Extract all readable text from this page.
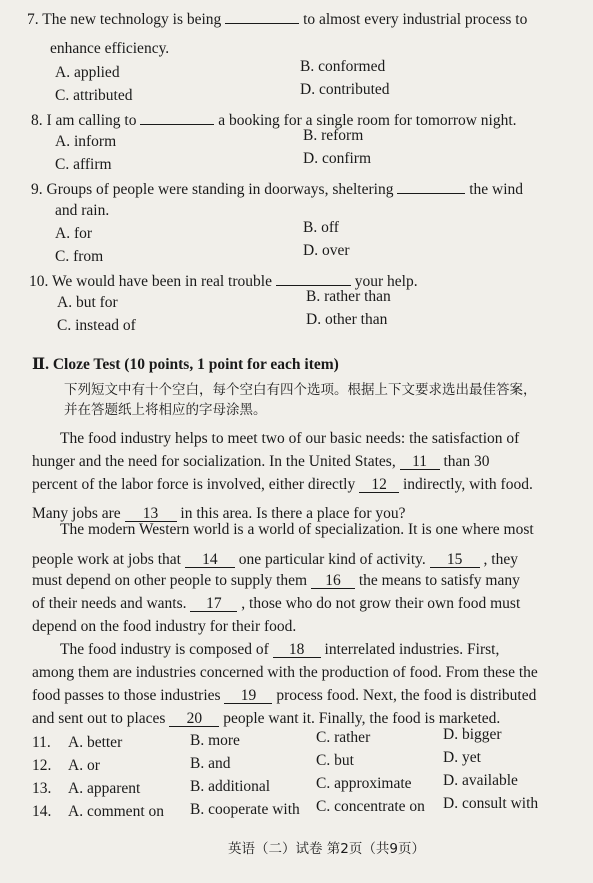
7. The new technology is being	to almost every industrial process to
enhance efficiency.
A. applied	B. conformed
C. attributed	D. contributed
8. I am calling to	a booking for a single room for tomorrow night.
A. inform	B. reform
C. affirm	D. confirm
9. Groups of people were standing in doorways, sheltering	the wind
and rain.
A. for	B. off
C. from	D. over
10. We would have been in real trouble	your help.
A. but for	B. rather than
C. instead of	D. other than
Ⅱ. Cloze Test (10 points, 1 point for each item)
下列短文中有十个空白，每个空白有四个选项。根据上下文要求选出最佳答案，
并在答题纸上将相应的字母涂黑。
The food industry helps to meet two of our basic needs: the satisfaction of
hunger and the need for socialization. In the United States, 11 than 30
percent of the labor force is involved, either directly 12 indirectly, with food.
Many jobs are 13 in this area. Is there a place for you?
The modern Western world is a world of specialization. It is one where most
people work at jobs that 14 one particular kind of activity. 15 , they
must depend on other people to supply them 16 the means to satisfy many
of their needs and wants. 17 , those who do not grow their own food must
depend on the food industry for their food.
The food industry is composed of 18 interrelated industries. First,
among them are industries concerned with the production of food. From these the
food passes to those industries 19 process food. Next, the food is distributed
and sent out to places 20 people want it. Finally, the food is marketed.
11. A. better	B. more	C. rather	D. bigger
12. A. or	B. and	C. but	D. yet
13. A. apparent	B. additional	C. approximate D. available
14. A. comment on B. cooperate with C. concentrate on D. consult with
英语（二）试卷 第2页（共9页）
